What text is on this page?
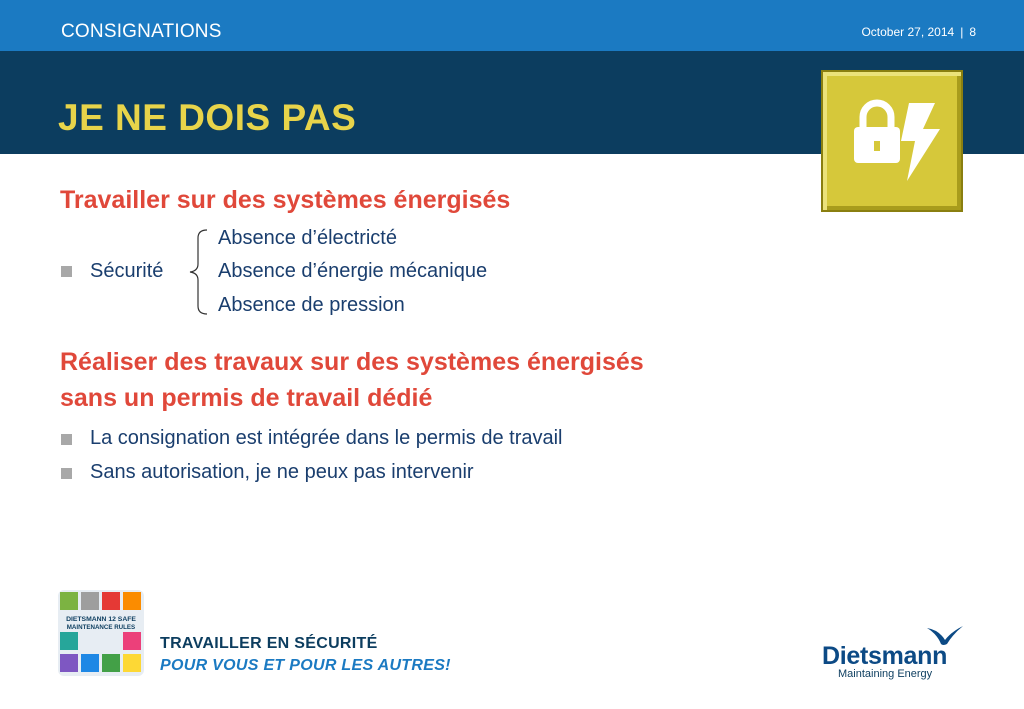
CONSIGNATIONS	October 27, 2014 | 8
JE NE DOIS PAS
Travailler sur des systèmes énergisés
Absence d’électricté
Sécurité	Absence d’énergie mécanique
Absence de pression
Réaliser des travaux sur des systèmes énergisés
sans un permis de travail dédié
La consignation est intégrée dans le permis de travail
Sans autorisation, je ne peux pas intervenir
DIETSMANN 12 SAFE
MAINTENANCE RULES
TRAVAILLER EN SÉCURITÉ
POUR VOUS ET POUR LES AUTRES!	Dietsmann
Maintaining Energy
